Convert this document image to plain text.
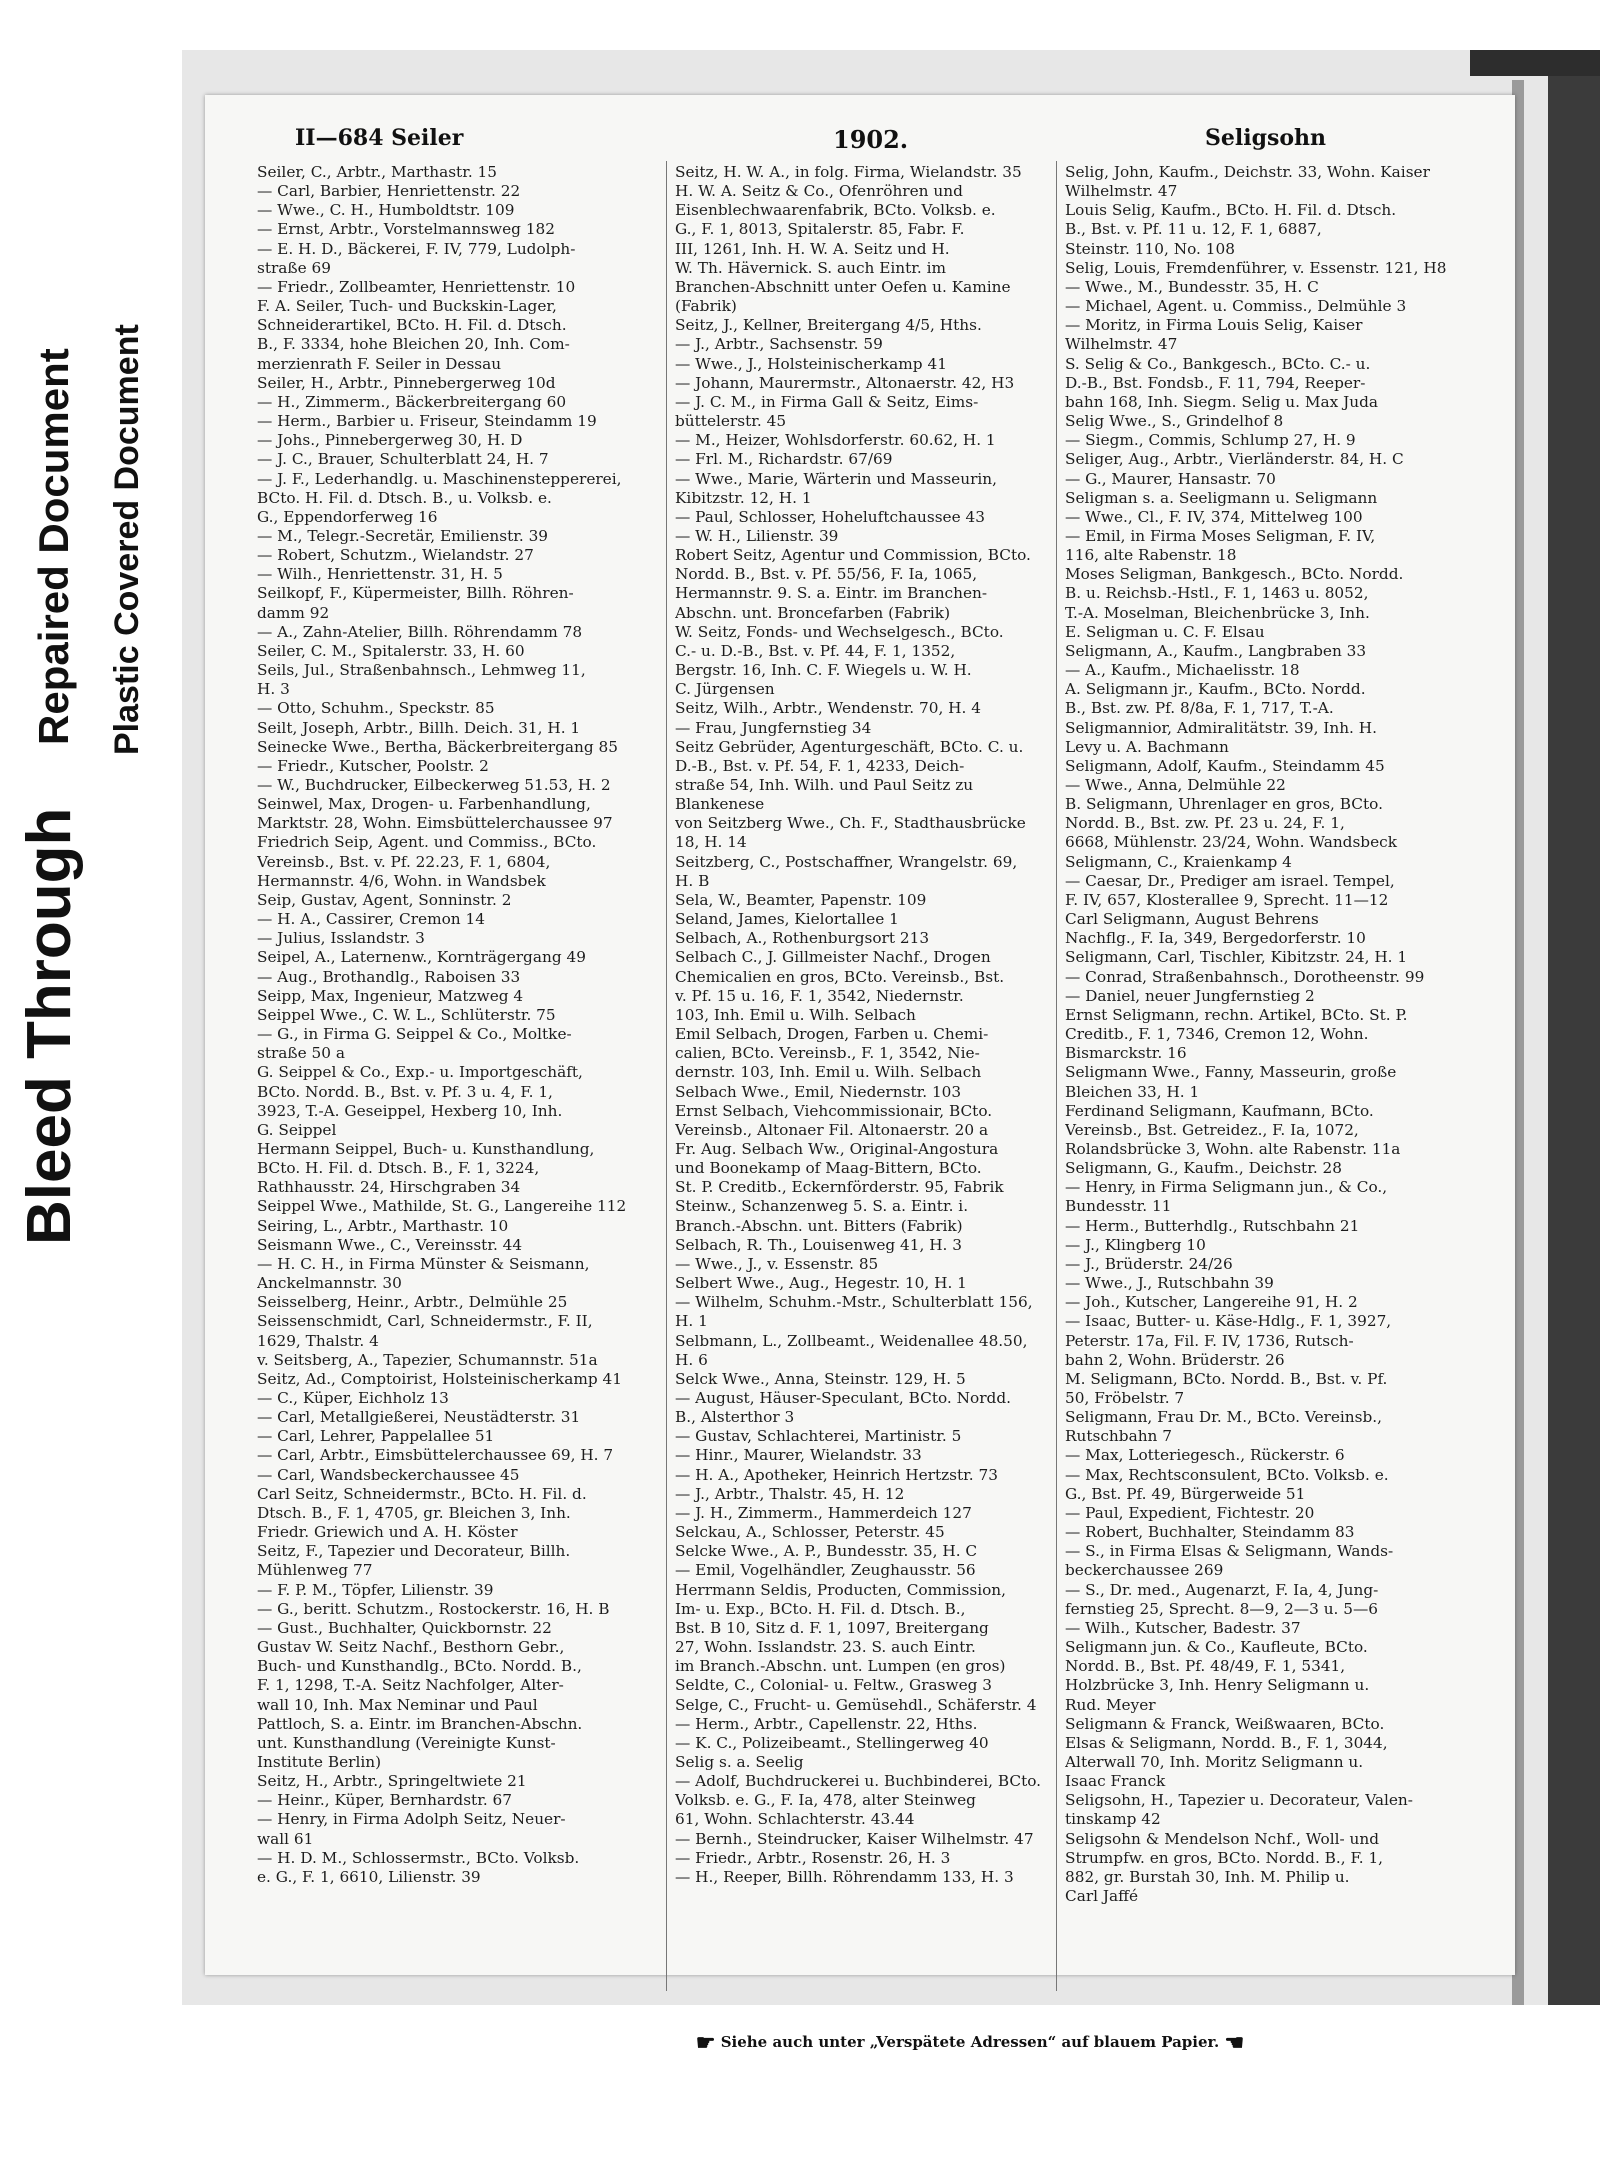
Bleed Through
Repaired Document Plastic Covered Document
II—684 Seiler	1902.	Seligsohn
Seiler, C., Arbtr., Marthastr. 15
— Carl, Barbier, Henriettenstr. 22
— Wwe., C. H., Humboldtstr. 109
— Ernst, Arbtr., Vorstelmannsweg 182
— E. H. D., Bäckerei, F. IV, 779, Ludolph-
straße 69
— Friedr., Zollbeamter, Henriettenstr. 10
F. A. Seiler, Tuch- und Buckskin-Lager,
Schneiderartikel, BCto. H. Fil. d. Dtsch.
B., F. 3334, hohe Bleichen 20, Inh. Com-
merzienrath F. Seiler in Dessau
Seiler, H., Arbtr., Pinnebergerweg 10d
— H., Zimmerm., Bäckerbreitergang 60
— Herm., Barbier u. Friseur, Steindamm 19
— Johs., Pinnebergerweg 30, H. D
— J. C., Brauer, Schulterblatt 24, H. 7
— J. F., Lederhandlg. u. Maschinensteppererei,
BCto. H. Fil. d. Dtsch. B., u. Volksb. e.
G., Eppendorferweg 16
— M., Telegr.-Secretär, Emilienstr. 39
— Robert, Schutzm., Wielandstr. 27
— Wilh., Henriettenstr. 31, H. 5
Seilkopf, F., Küpermeister, Billh. Röhren-
damm 92
— A., Zahn-Atelier, Billh. Röhrendamm 78
Seiler, C. M., Spitalerstr. 33, H. 60
Seils, Jul., Straßenbahnsch., Lehmweg 11,
H. 3
— Otto, Schuhm., Speckstr. 85
Seilt, Joseph, Arbtr., Billh. Deich. 31, H. 1
Seinecke Wwe., Bertha, Bäckerbreitergang 85
— Friedr., Kutscher, Poolstr. 2
— W., Buchdrucker, Eilbeckerweg 51.53, H. 2
Seinwel, Max, Drogen- u. Farbenhandlung,
Marktstr. 28, Wohn. Eimsbüttelerchaussee 97
Friedrich Seip, Agent. und Commiss., BCto.
Vereinsb., Bst. v. Pf. 22.23, F. 1, 6804,
Hermannstr. 4/6, Wohn. in Wandsbek
Seip, Gustav, Agent, Sonninstr. 2
— H. A., Cassirer, Cremon 14
— Julius, Isslandstr. 3
Seipel, A., Laternenw., Kornträgergang 49
— Aug., Brothandlg., Raboisen 33
Seipp, Max, Ingenieur, Matzweg 4
Seippel Wwe., C. W. L., Schlüterstr. 75
— G., in Firma G. Seippel & Co., Moltke-
straße 50 a
G. Seippel & Co., Exp.- u. Importgeschäft,
BCto. Nordd. B., Bst. v. Pf. 3 u. 4, F. 1,
3923, T.-A. Geseippel, Hexberg 10, Inh.
G. Seippel
Hermann Seippel, Buch- u. Kunsthandlung,
BCto. H. Fil. d. Dtsch. B., F. 1, 3224,
Rathhausstr. 24, Hirschgraben 34
Seippel Wwe., Mathilde, St. G., Langereihe 112
Seiring, L., Arbtr., Marthastr. 10
Seismann Wwe., C., Vereinsstr. 44
— H. C. H., in Firma Münster & Seismann,
Anckelmannstr. 30
Seisselberg, Heinr., Arbtr., Delmühle 25
Seissenschmidt, Carl, Schneidermstr., F. II,
1629, Thalstr. 4
v. Seitsberg, A., Tapezier, Schumannstr. 51a
Seitz, Ad., Comptoirist, Holsteinischerkamp 41
— C., Küper, Eichholz 13
— Carl, Metallgießerei, Neustädterstr. 31
— Carl, Lehrer, Pappelallee 51
— Carl, Arbtr., Eimsbüttelerchaussee 69, H. 7
— Carl, Wandsbeckerchaussee 45
Carl Seitz, Schneidermstr., BCto. H. Fil. d.
Dtsch. B., F. 1, 4705, gr. Bleichen 3, Inh.
Friedr. Griewich und A. H. Köster
Seitz, F., Tapezier und Decorateur, Billh.
Mühlenweg 77
— F. P. M., Töpfer, Lilienstr. 39
— G., beritt. Schutzm., Rostockerstr. 16, H. B
— Gust., Buchhalter, Quickbornstr. 22
Gustav W. Seitz Nachf., Besthorn Gebr.,
Buch- und Kunsthandlg., BCto. Nordd. B.,
F. 1, 1298, T.-A. Seitz Nachfolger, Alter-
wall 10, Inh. Max Neminar und Paul
Pattloch, S. a. Eintr. im Branchen-Abschn.
unt. Kunsthandlung (Vereinigte Kunst-
Institute Berlin)
Seitz, H., Arbtr., Springeltwiete 21
— Heinr., Küper, Bernhardstr. 67
— Henry, in Firma Adolph Seitz, Neuer-
wall 61
— H. D. M., Schlossermstr., BCto. Volksb.
e. G., F. 1, 6610, Lilienstr. 39
Seitz, H. W. A., in folg. Firma, Wielandstr. 35
H. W. A. Seitz & Co., Ofenröhren und
Eisenblechwaarenfabrik, BCto. Volksb. e.
G., F. 1, 8013, Spitalerstr. 85, Fabr. F.
III, 1261, Inh. H. W. A. Seitz und H.
W. Th. Hävernick. S. auch Eintr. im
Branchen-Abschnitt unter Oefen u. Kamine
(Fabrik)
Seitz, J., Kellner, Breitergang 4/5, Hths.
— J., Arbtr., Sachsenstr. 59
— Wwe., J., Holsteinischerkamp 41
— Johann, Maurermstr., Altonaerstr. 42, H3
— J. C. M., in Firma Gall & Seitz, Eims-
büttelerstr. 45
— M., Heizer, Wohlsdorferstr. 60.62, H. 1
— Frl. M., Richardstr. 67/69
— Wwe., Marie, Wärterin und Masseurin,
Kibitzstr. 12, H. 1
— Paul, Schlosser, Hoheluftchaussee 43
— W. H., Lilienstr. 39
Robert Seitz, Agentur und Commission, BCto.
Nordd. B., Bst. v. Pf. 55/56, F. Ia, 1065,
Hermannstr. 9. S. a. Eintr. im Branchen-
Abschn. unt. Broncefarben (Fabrik)
W. Seitz, Fonds- und Wechselgesch., BCto.
C.- u. D.-B., Bst. v. Pf. 44, F. 1, 1352,
Bergstr. 16, Inh. C. F. Wiegels u. W. H.
C. Jürgensen
Seitz, Wilh., Arbtr., Wendenstr. 70, H. 4
— Frau, Jungfernstieg 34
Seitz Gebrüder, Agenturgeschäft, BCto. C. u.
D.-B., Bst. v. Pf. 54, F. 1, 4233, Deich-
straße 54, Inh. Wilh. und Paul Seitz zu
Blankenese
von Seitzberg Wwe., Ch. F., Stadthausbrücke
18, H. 14
Seitzberg, C., Postschaffner, Wrangelstr. 69,
H. B
Sela, W., Beamter, Papenstr. 109
Seland, James, Kielortallee 1
Selbach, A., Rothenburgsort 213
Selbach C., J. Gillmeister Nachf., Drogen
Chemicalien en gros, BCto. Vereinsb., Bst.
v. Pf. 15 u. 16, F. 1, 3542, Niedernstr.
103, Inh. Emil u. Wilh. Selbach
Emil Selbach, Drogen, Farben u. Chemi-
calien, BCto. Vereinsb., F. 1, 3542, Nie-
dernstr. 103, Inh. Emil u. Wilh. Selbach
Selbach Wwe., Emil, Niedernstr. 103
Ernst Selbach, Viehcommissionair, BCto.
Vereinsb., Altonaer Fil. Altonaerstr. 20 a
Fr. Aug. Selbach Ww., Original-Angostura
und Boonekamp of Maag-Bittern, BCto.
St. P. Creditb., Eckernförderstr. 95, Fabrik
Steinw., Schanzenweg 5. S. a. Eintr. i.
Branch.-Abschn. unt. Bitters (Fabrik)
Selbach, R. Th., Louisenweg 41, H. 3
— Wwe., J., v. Essenstr. 85
Selbert Wwe., Aug., Hegestr. 10, H. 1
— Wilhelm, Schuhm.-Mstr., Schulterblatt 156,
H. 1
Selbmann, L., Zollbeamt., Weidenallee 48.50,
H. 6
Selck Wwe., Anna, Steinstr. 129, H. 5
— August, Häuser-Speculant, BCto. Nordd.
B., Alsterthor 3
— Gustav, Schlachterei, Martinistr. 5
— Hinr., Maurer, Wielandstr. 33
— H. A., Apotheker, Heinrich Hertzstr. 73
— J., Arbtr., Thalstr. 45, H. 12
— J. H., Zimmerm., Hammerdeich 127
Selckau, A., Schlosser, Peterstr. 45
Selcke Wwe., A. P., Bundesstr. 35, H. C
— Emil, Vogelhändler, Zeughausstr. 56
Herrmann Seldis, Producten, Commission,
Im- u. Exp., BCto. H. Fil. d. Dtsch. B.,
Bst. B 10, Sitz d. F. 1, 1097, Breitergang
27, Wohn. Isslandstr. 23. S. auch Eintr.
im Branch.-Abschn. unt. Lumpen (en gros)
Seldte, C., Colonial- u. Feltw., Grasweg 3
Selge, C., Frucht- u. Gemüsehdl., Schäferstr. 4
— Herm., Arbtr., Capellenstr. 22, Hths.
— K. C., Polizeibeamt., Stellingerweg 40
Selig s. a. Seelig
— Adolf, Buchdruckerei u. Buchbinderei, BCto.
Volksb. e. G., F. Ia, 478, alter Steinweg
61, Wohn. Schlachterstr. 43.44
— Bernh., Steindrucker, Kaiser Wilhelmstr. 47
— Friedr., Arbtr., Rosenstr. 26, H. 3
— H., Reeper, Billh. Röhrendamm 133, H. 3
Selig, John, Kaufm., Deichstr. 33, Wohn. Kaiser
Wilhelmstr. 47
Louis Selig, Kaufm., BCto. H. Fil. d. Dtsch.
B., Bst. v. Pf. 11 u. 12, F. 1, 6887,
Steinstr. 110, No. 108
Selig, Louis, Fremdenführer, v. Essenstr. 121, H8
— Wwe., M., Bundesstr. 35, H. C
— Michael, Agent. u. Commiss., Delmühle 3
— Moritz, in Firma Louis Selig, Kaiser
Wilhelmstr. 47
S. Selig & Co., Bankgesch., BCto. C.- u.
D.-B., Bst. Fondsb., F. 11, 794, Reeper-
bahn 168, Inh. Siegm. Selig u. Max Juda
Selig Wwe., S., Grindelhof 8
— Siegm., Commis, Schlump 27, H. 9
Seliger, Aug., Arbtr., Vierländerstr. 84, H. C
— G., Maurer, Hansastr. 70
Seligman s. a. Seeligmann u. Seligmann
— Wwe., Cl., F. IV, 374, Mittelweg 100
— Emil, in Firma Moses Seligman, F. IV,
116, alte Rabenstr. 18
Moses Seligman, Bankgesch., BCto. Nordd.
B. u. Reichsb.-Hstl., F. 1, 1463 u. 8052,
T.-A. Moselman, Bleichenbrücke 3, Inh.
E. Seligman u. C. F. Elsau
Seligmann, A., Kaufm., Langbraben 33
— A., Kaufm., Michaelisstr. 18
A. Seligmann jr., Kaufm., BCto. Nordd.
B., Bst. zw. Pf. 8/8a, F. 1, 717, T.-A.
Seligmannior, Admiralitätstr. 39, Inh. H.
Levy u. A. Bachmann
Seligmann, Adolf, Kaufm., Steindamm 45
— Wwe., Anna, Delmühle 22
B. Seligmann, Uhrenlager en gros, BCto.
Nordd. B., Bst. zw. Pf. 23 u. 24, F. 1,
6668, Mühlenstr. 23/24, Wohn. Wandsbeck
Seligmann, C., Kraienkamp 4
— Caesar, Dr., Prediger am israel. Tempel,
F. IV, 657, Klosterallee 9, Sprecht. 11—12
Carl Seligmann, August Behrens
Nachflg., F. Ia, 349, Bergedorferstr. 10
Seligmann, Carl, Tischler, Kibitzstr. 24, H. 1
— Conrad, Straßenbahnsch., Dorotheenstr. 99
— Daniel, neuer Jungfernstieg 2
Ernst Seligmann, rechn. Artikel, BCto. St. P.
Creditb., F. 1, 7346, Cremon 12, Wohn.
Bismarckstr. 16
Seligmann Wwe., Fanny, Masseurin, große
Bleichen 33, H. 1
Ferdinand Seligmann, Kaufmann, BCto.
Vereinsb., Bst. Getreidez., F. Ia, 1072,
Rolandsbrücke 3, Wohn. alte Rabenstr. 11a
Seligmann, G., Kaufm., Deichstr. 28
— Henry, in Firma Seligmann jun., & Co.,
Bundesstr. 11
— Herm., Butterhdlg., Rutschbahn 21
— J., Klingberg 10
— J., Brüderstr. 24/26
— Wwe., J., Rutschbahn 39
— Joh., Kutscher, Langereihe 91, H. 2
— Isaac, Butter- u. Käse-Hdlg., F. 1, 3927,
Peterstr. 17a, Fil. F. IV, 1736, Rutsch-
bahn 2, Wohn. Brüderstr. 26
M. Seligmann, BCto. Nordd. B., Bst. v. Pf.
50, Fröbelstr. 7
Seligmann, Frau Dr. M., BCto. Vereinsb.,
Rutschbahn 7
— Max, Lotteriegesch., Rückerstr. 6
— Max, Rechtsconsulent, BCto. Volksb. e.
G., Bst. Pf. 49, Bürgerweide 51
— Paul, Expedient, Fichtestr. 20
— Robert, Buchhalter, Steindamm 83
— S., in Firma Elsas & Seligmann, Wands-
beckerchaussee 269
— S., Dr. med., Augenarzt, F. Ia, 4, Jung-
fernstieg 25, Sprecht. 8—9, 2—3 u. 5—6
— Wilh., Kutscher, Badestr. 37
Seligmann jun. & Co., Kaufleute, BCto.
Nordd. B., Bst. Pf. 48/49, F. 1, 5341,
Holzbrücke 3, Inh. Henry Seligmann u.
Rud. Meyer
Seligmann & Franck, Weißwaaren, BCto.
Elsas & Seligmann, Nordd. B., F. 1, 3044,
Alterwall 70, Inh. Moritz Seligmann u.
Isaac Franck
Seligsohn, H., Tapezier u. Decorateur, Valen-
tinskamp 42
Seligsohn & Mendelson Nchf., Woll- und
Strumpfw. en gros, BCto. Nordd. B., F. 1,
882, gr. Burstah 30, Inh. M. Philip u.
Carl Jaffé
☛ Siehe auch unter „Verspätete Adressen“ auf blauem Papier. ☚
